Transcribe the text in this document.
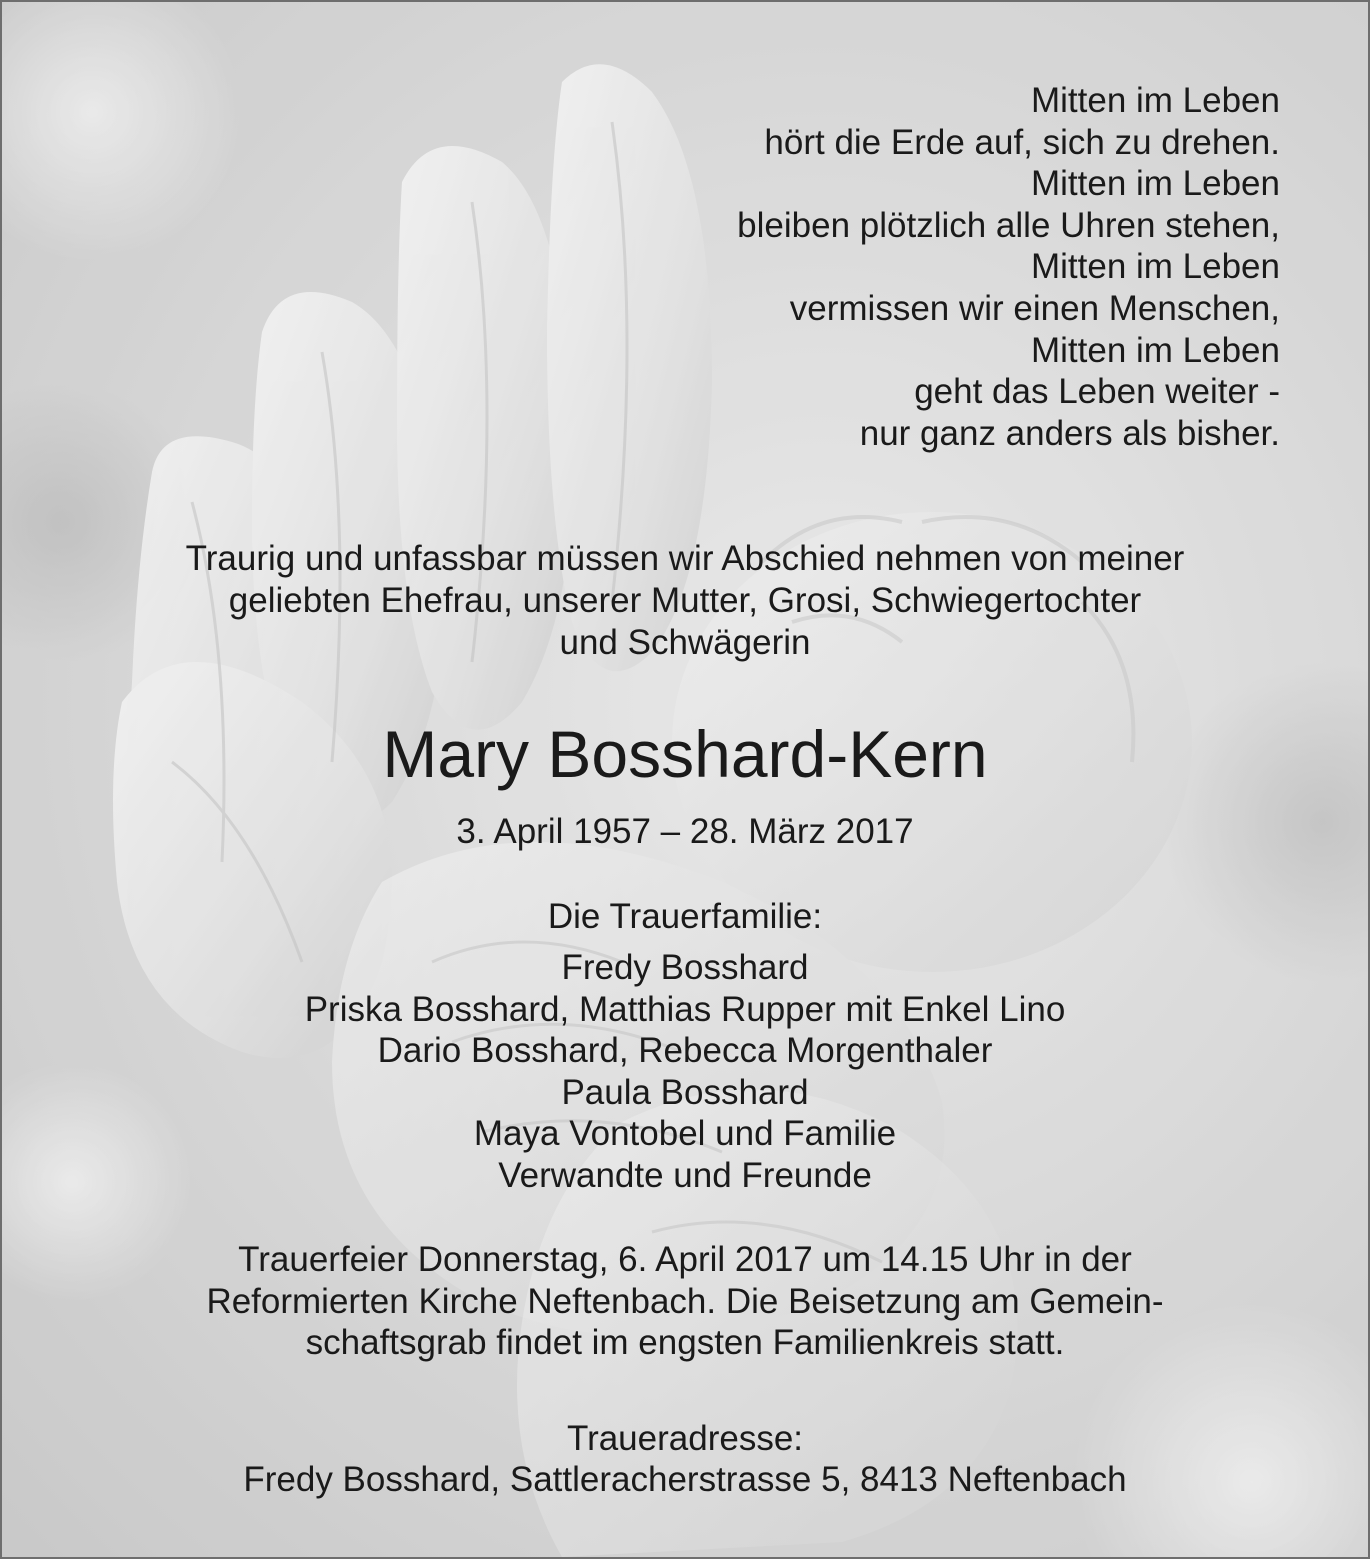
Mitten im Leben
hört die Erde auf, sich zu drehen.
Mitten im Leben
bleiben plötzlich alle Uhren stehen,
Mitten im Leben
vermissen wir einen Menschen,
Mitten im Leben
geht das Leben weiter -
nur ganz anders als bisher.
Traurig und unfassbar müssen wir Abschied nehmen von meiner
geliebten Ehefrau, unserer Mutter, Grosi, Schwiegertochter
und Schwägerin
Mary Bosshard-Kern
3. April 1957 – 28. März 2017
Die Trauerfamilie:
Fredy Bosshard
Priska Bosshard, Matthias Rupper mit Enkel Lino
Dario Bosshard, Rebecca Morgenthaler
Paula Bosshard
Maya Vontobel und Familie
Verwandte und Freunde
Trauerfeier Donnerstag, 6. April 2017 um 14.15 Uhr in der
Reformierten Kirche Neftenbach. Die Beisetzung am Gemein-
schaftsgrab findet im engsten Familienkreis statt.
Traueradresse:
Fredy Bosshard, Sattleracherstrasse 5, 8413 Neftenbach
